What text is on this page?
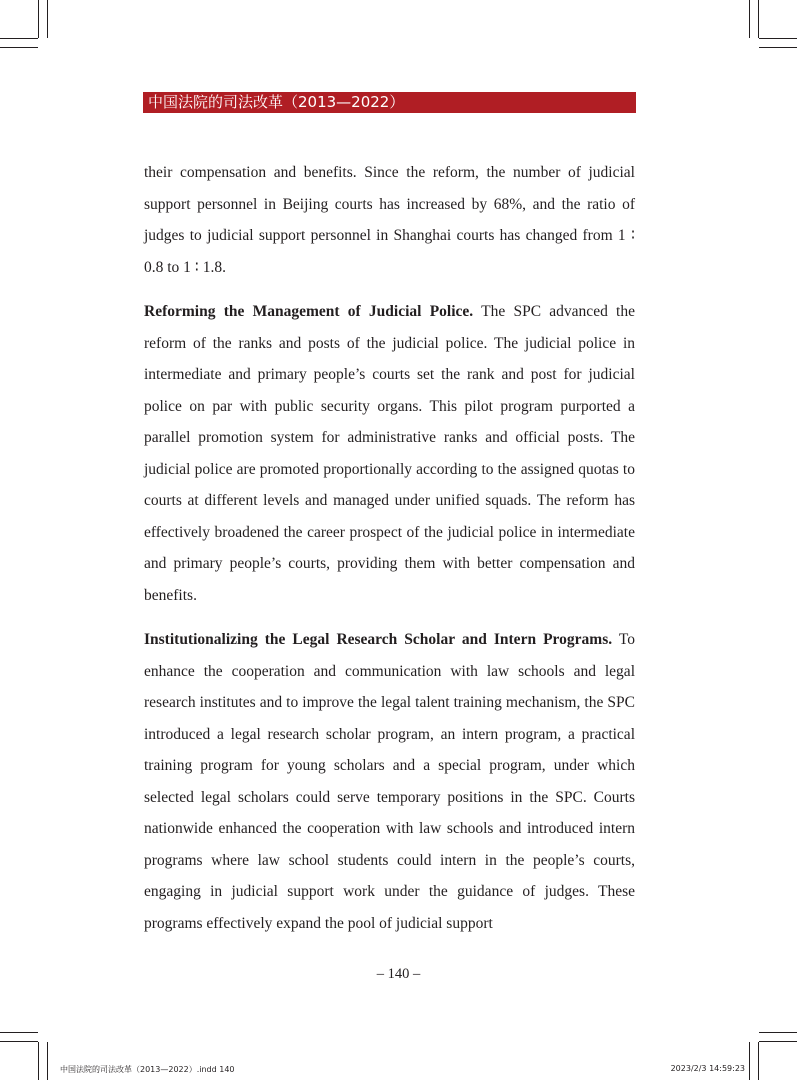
中国法院的司法改革（2013—2022）

their compensation and benefits. Since the reform, the number of judicial support personnel in Beijing courts has increased by 68%, and the ratio of judges to judicial support personnel in Shanghai courts has changed from 1 ∶ 0.8 to 1 ∶ 1.8.

Reforming the Management of Judicial Police. The SPC advanced the reform of the ranks and posts of the judicial police. The judicial police in intermediate and primary people’s courts set the rank and post for judicial police on par with public security organs. This pilot program purported a parallel promotion system for administrative ranks and official posts. The judicial police are promoted proportionally according to the assigned quotas to courts at different levels and managed under unified squads. The reform has effectively broadened the career prospect of the judicial police in intermediate and primary people’s courts, providing them with better compensation and benefits.

Institutionalizing the Legal Research Scholar and Intern Programs. To enhance the cooperation and communication with law schools and legal research institutes and to improve the legal talent training mechanism, the SPC introduced a legal research scholar program, an intern program, a practical training program for young scholars and a special program, under which selected legal scholars could serve temporary positions in the SPC. Courts nationwide enhanced the cooperation with law schools and introduced intern programs where law school students could intern in the people’s courts, engaging in judicial support work under the guidance of judges. These programs effectively expand the pool of judicial support

– 140 –
中国法院的司法改革（2013—2022）.indd 140	2023/2/3 14:59:23
